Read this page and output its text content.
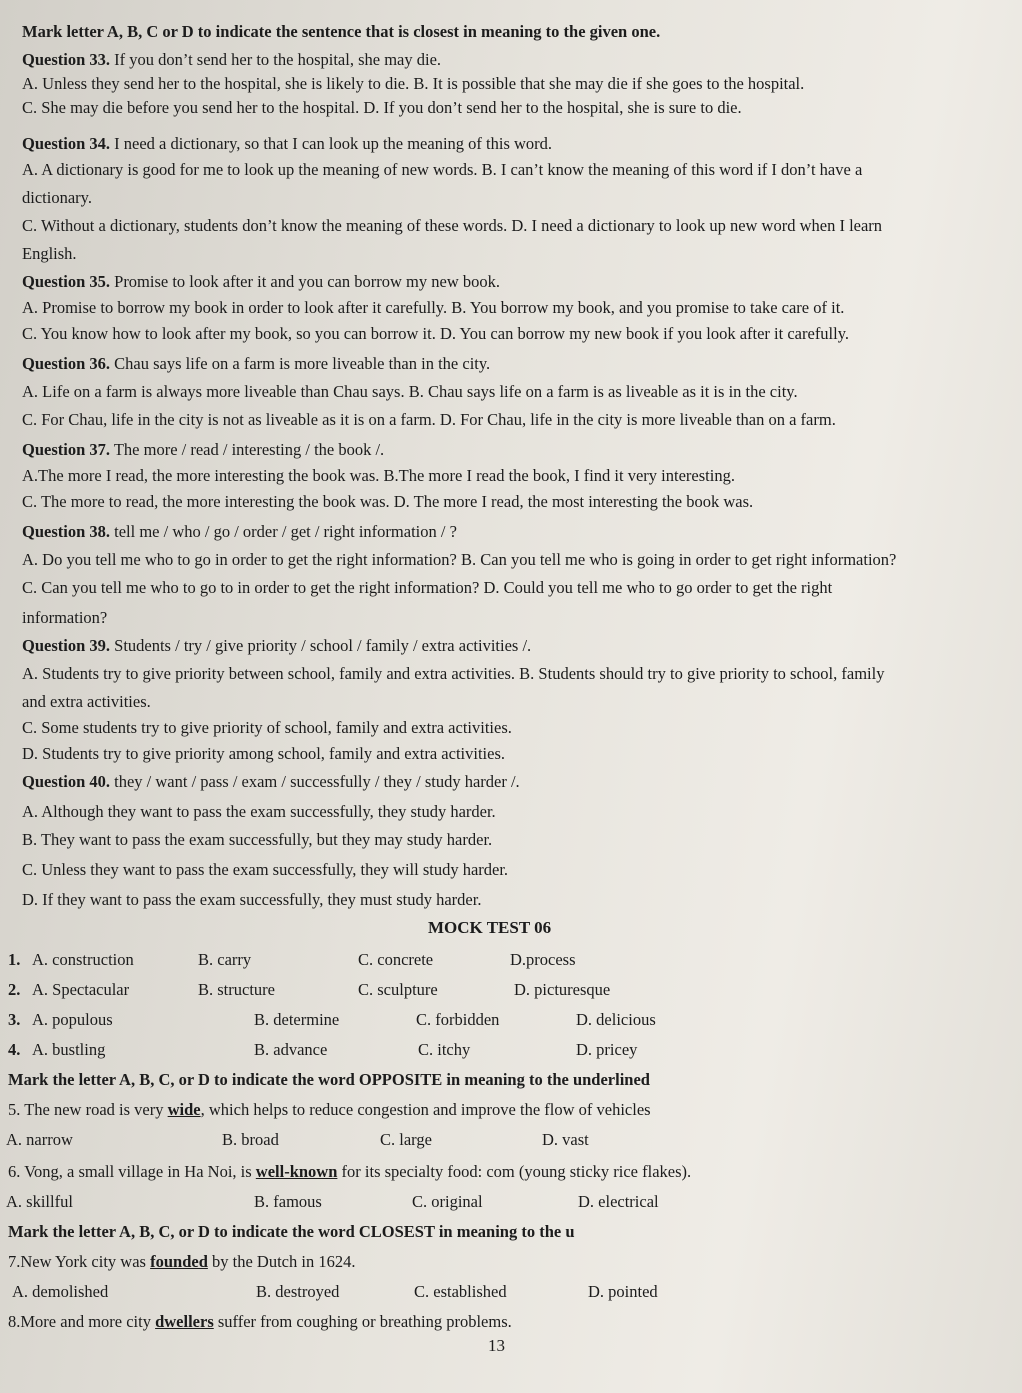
Mark letter A, B, C or D to indicate the sentence that is closest in meaning to the given one.
Question 33. If you don’t send her to the hospital, she may die.
A. Unless they send her to the hospital, she is likely to die. B. It is possible that she may die if she goes to the hospital.
C. She may die before you send her to the hospital. D. If you don’t send her to the hospital, she is sure to die.
Question 34. I need a dictionary, so that I can look up the meaning of this word.
A. A dictionary is good for me to look up the meaning of new words. B. I can’t know the meaning of this word if I don’t have a
dictionary.
C. Without a dictionary, students don’t know the meaning of these words. D. I need a dictionary to look up new word when I learn
English.
Question 35. Promise to look after it and you can borrow my new book.
A. Promise to borrow my book in order to look after it carefully. B. You borrow my book, and you promise to take care of it.
C. You know how to look after my book, so you can borrow it. D. You can borrow my new book if you look after it carefully.
Question 36. Chau says life on a farm is more liveable than in the city.
A. Life on a farm is always more liveable than Chau says. B. Chau says life on a farm is as liveable as it is in the city.
C. For Chau, life in the city is not as liveable as it is on a farm. D. For Chau, life in the city is more liveable than on a farm.
Question 37. The more / read / interesting / the book /.
A.The more I read, the more interesting the book was. B.The more I read the book, I find it very interesting.
C. The more to read, the more interesting the book was. D. The more I read, the most interesting the book was.
Question 38. tell me / who / go / order / get / right information / ?
A. Do you tell me who to go in order to get the right information? B. Can you tell me who is going in order to get right information?
C. Can you tell me who to go to in order to get the right information? D. Could you tell me who to go order to get the right
information?
Question 39. Students / try / give priority / school / family / extra activities /.
A. Students try to give priority between school, family and extra activities. B. Students should try to give priority to school, family
and extra activities.
C. Some students try to give priority of school, family and extra activities.
D. Students try to give priority among school, family and extra activities.
Question 40. they / want / pass / exam / successfully / they / study harder /.
A. Although they want to pass the exam successfully, they study harder.
B. They want to pass the exam successfully, but they may study harder.
C. Unless they want to pass the exam successfully, they will study harder.
D. If they want to pass the exam successfully, they must study harder.
MOCK TEST 06
1. A. construction	B. carry	C. concrete	D.process
2. A. Spectacular	B. structure	C. sculpture	D. picturesque
3. A. populous	B. determine	C. forbidden	D. delicious
4. A. bustling	B. advance	C. itchy	D. pricey
Mark the letter A, B, C, or D to indicate the word OPPOSITE in meaning to the underlined
5. The new road is very wide, which helps to reduce congestion and improve the flow of vehicles
A. narrow	B. broad	C. large	D. vast
6. Vong, a small village in Ha Noi, is well-known for its specialty food: com (young sticky rice flakes).
A. skillful	B. famous	C. original	D. electrical
Mark the letter A, B, C, or D to indicate the word CLOSEST in meaning to the u
7.New York city was founded by the Dutch in 1624.
A. demolished	B. destroyed	C. established	D. pointed
8.More and more city dwellers suffer from coughing or breathing problems.
13
